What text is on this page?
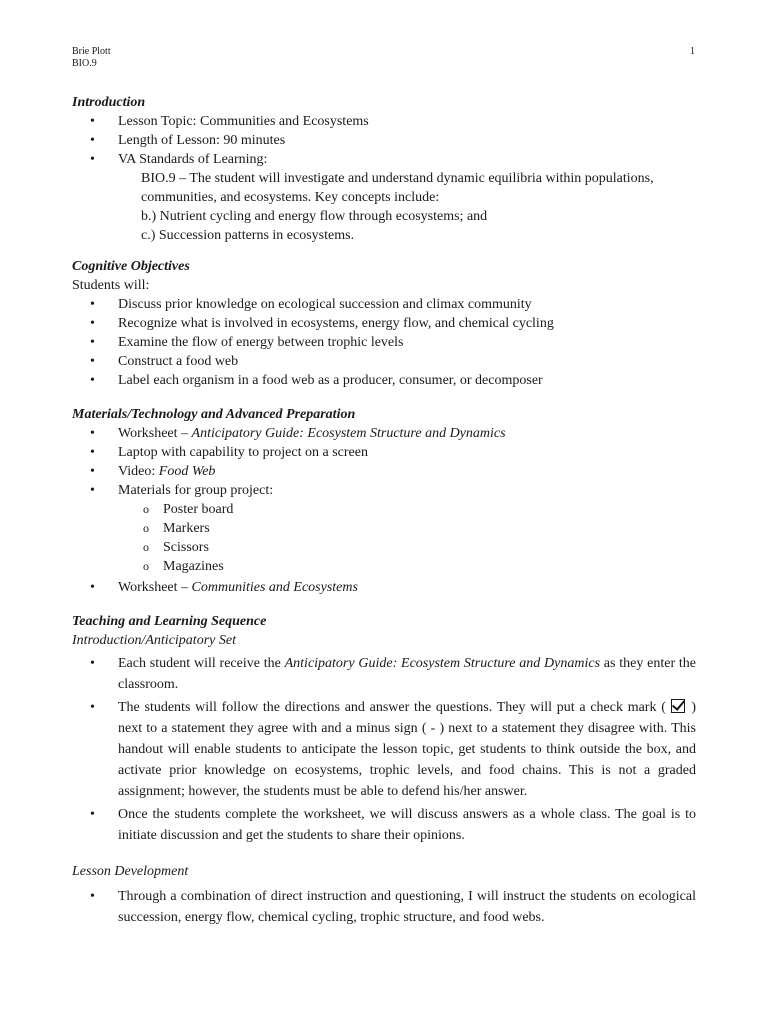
Brie Plott
BIO.9
1
Introduction
• Lesson Topic: Communities and Ecosystems
• Length of Lesson: 90 minutes
• VA Standards of Learning:
BIO.9 – The student will investigate and understand dynamic equilibria within populations, communities, and ecosystems. Key concepts include:
b.) Nutrient cycling and energy flow through ecosystems; and
c.) Succession patterns in ecosystems.
Cognitive Objectives
Students will:
• Discuss prior knowledge on ecological succession and climax community
• Recognize what is involved in ecosystems, energy flow, and chemical cycling
• Examine the flow of energy between trophic levels
• Construct a food web
• Label each organism in a food web as a producer, consumer, or decomposer
Materials/Technology and Advanced Preparation
• Worksheet – Anticipatory Guide: Ecosystem Structure and Dynamics
• Laptop with capability to project on a screen
• Video: Food Web
• Materials for group project:
o Poster board
o Markers
o Scissors
o Magazines
• Worksheet – Communities and Ecosystems
Teaching and Learning Sequence
Introduction/Anticipatory Set
• Each student will receive the Anticipatory Guide: Ecosystem Structure and Dynamics as they enter the classroom.
• The students will follow the directions and answer the questions. They will put a check mark (  ) next to a statement they agree with and a minus sign ( - ) next to a statement they disagree with. This handout will enable students to anticipate the lesson topic, get students to think outside the box, and activate prior knowledge on ecosystems, trophic levels, and food chains. This is not a graded assignment; however, the students must be able to defend his/her answer.
• Once the students complete the worksheet, we will discuss answers as a whole class. The goal is to initiate discussion and get the students to share their opinions.
Lesson Development
• Through a combination of direct instruction and questioning, I will instruct the students on ecological succession, energy flow, chemical cycling, trophic structure, and food webs.
